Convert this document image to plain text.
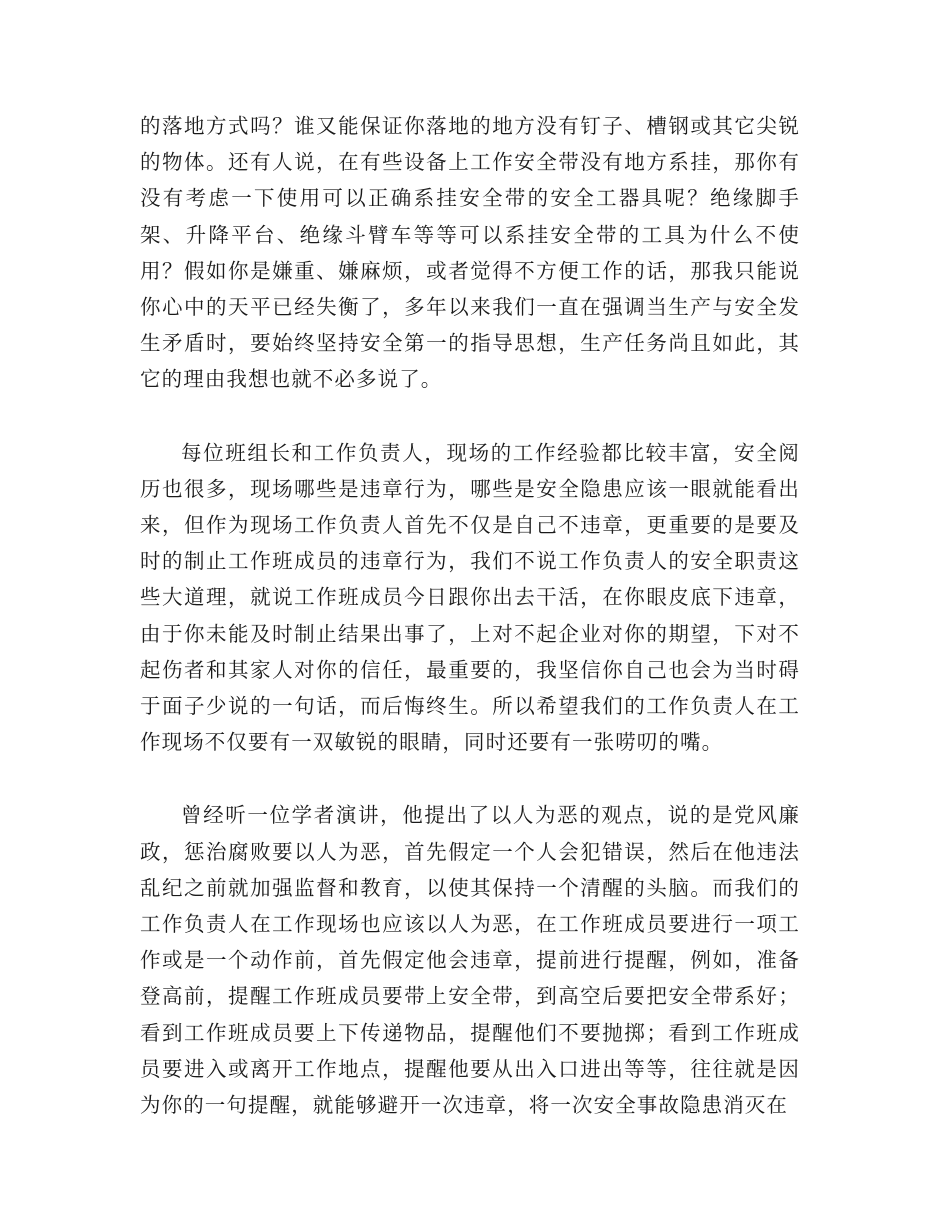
的落地方式吗？谁又能保证你落地的地方没有钉子、槽钢或其它尖锐的物体。还有人说，在有些设备上工作安全带没有地方系挂，那你有没有考虑一下使用可以正确系挂安全带的安全工器具呢？绝缘脚手架、升降平台、绝缘斗臂车等等可以系挂安全带的工具为什么不使用？假如你是嫌重、嫌麻烦，或者觉得不方便工作的话，那我只能说你心中的天平已经失衡了，多年以来我们一直在强调当生产与安全发生矛盾时，要始终坚持安全第一的指导思想，生产任务尚且如此，其它的理由我想也就不必多说了。

每位班组长和工作负责人，现场的工作经验都比较丰富，安全阅历也很多，现场哪些是违章行为，哪些是安全隐患应该一眼就能看出来，但作为现场工作负责人首先不仅是自己不违章，更重要的是要及时的制止工作班成员的违章行为，我们不说工作负责人的安全职责这些大道理，就说工作班成员今日跟你出去干活，在你眼皮底下违章，由于你未能及时制止结果出事了，上对不起企业对你的期望，下对不起伤者和其家人对你的信任，最重要的，我坚信你自己也会为当时碍于面子少说的一句话，而后悔终生。所以希望我们的工作负责人在工作现场不仅要有一双敏锐的眼睛，同时还要有一张唠叨的嘴。

曾经听一位学者演讲，他提出了以人为恶的观点，说的是党风廉政，惩治腐败要以人为恶，首先假定一个人会犯错误，然后在他违法乱纪之前就加强监督和教育，以使其保持一个清醒的头脑。而我们的工作负责人在工作现场也应该以人为恶，在工作班成员要进行一项工作或是一个动作前，首先假定他会违章，提前进行提醒，例如，准备登高前，提醒工作班成员要带上安全带，到高空后要把安全带系好；看到工作班成员要上下传递物品，提醒他们不要抛掷；看到工作班成员要进入或离开工作地点，提醒他要从出入口进出等等，往往就是因为你的一句提醒，就能够避开一次违章，将一次安全事故隐患消灭在
